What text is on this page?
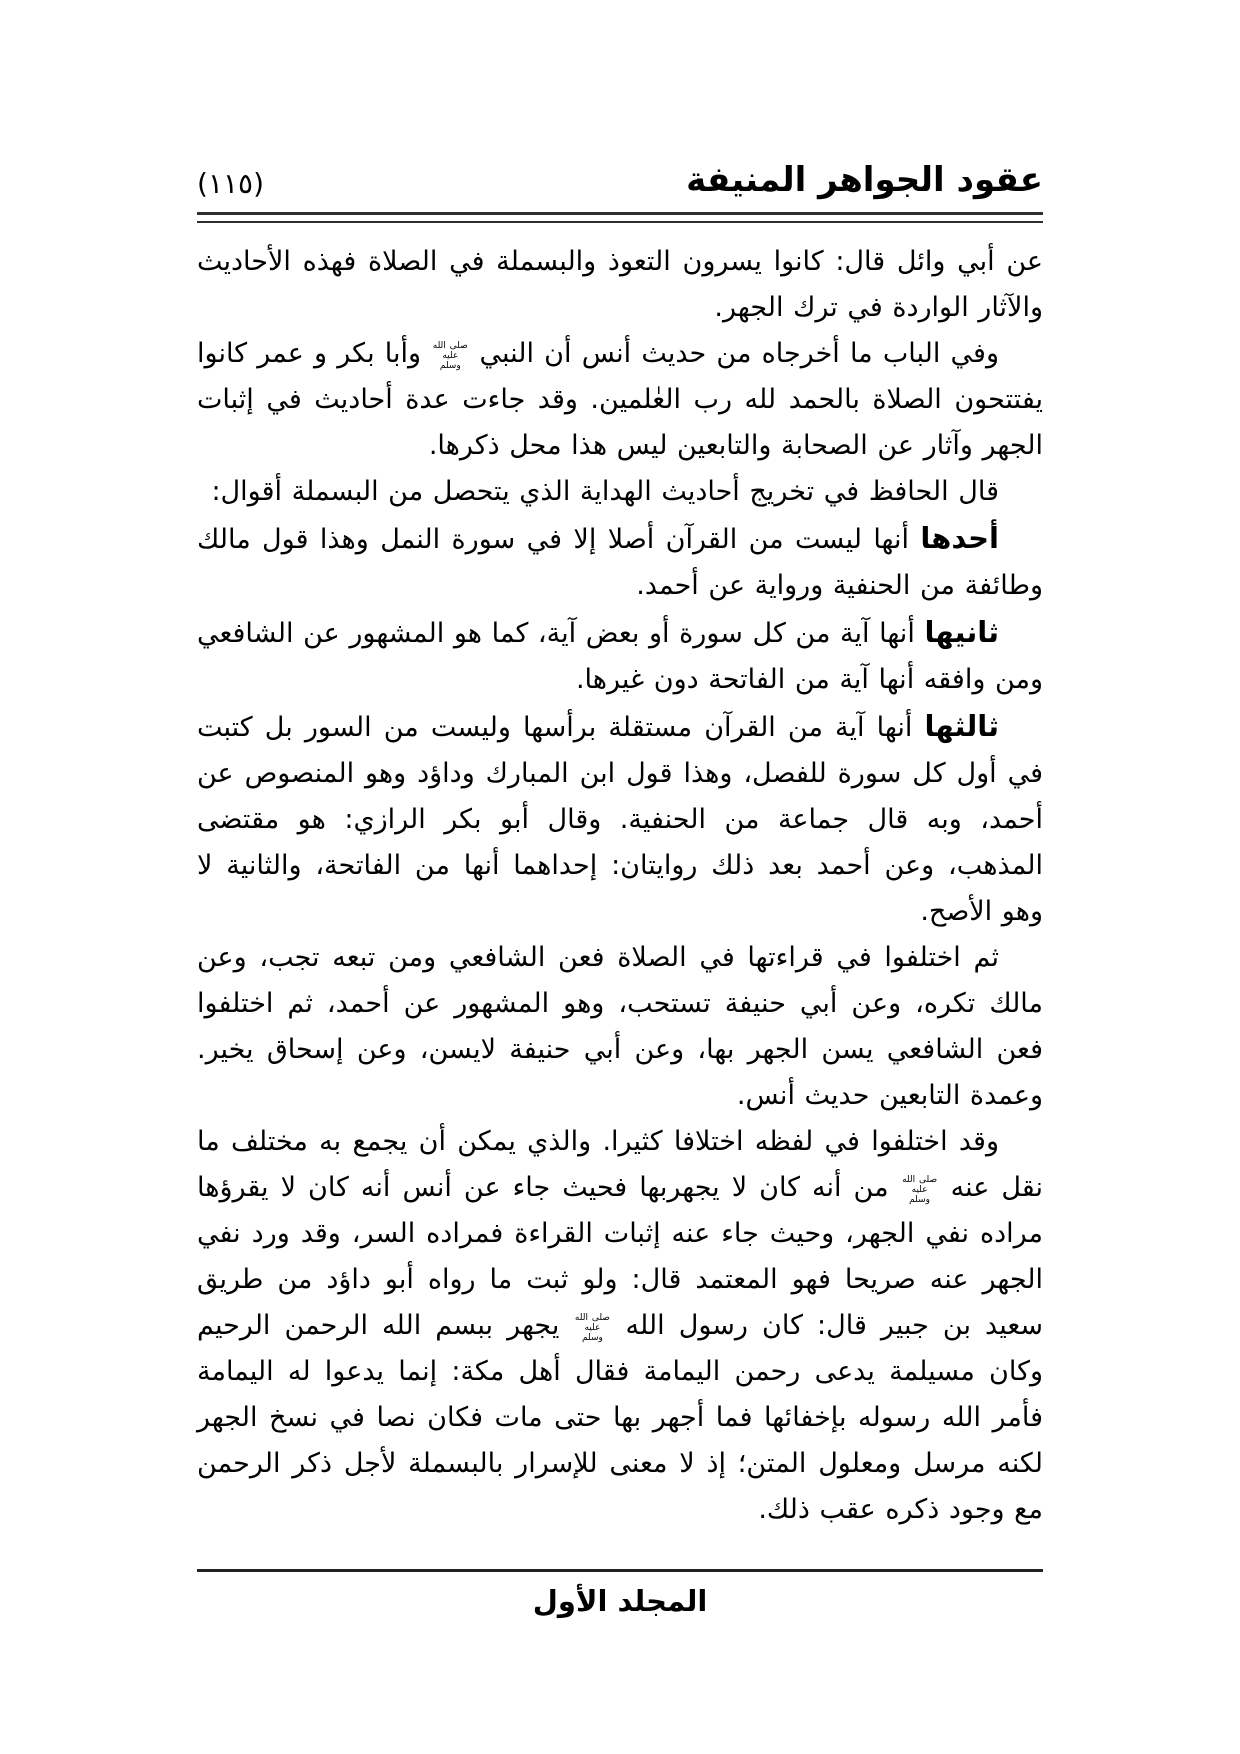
عقود الجواهر المنيفة
(١١٥)

عن أبي وائل قال: كانوا يسرون التعوذ والبسملة في الصلاة فهذه الأحاديث والآثار الواردة في ترك الجهر.

وفي الباب ما أخرجاه من حديث أنس أن النبي صلى الله عليه وسلم وأبا بكر و عمر كانوا يفتتحون الصلاة بالحمد لله رب العٰلمين. وقد جاءت عدة أحاديث في إثبات الجهر وآثار عن الصحابة والتابعين ليس هذا محل ذكرها.

قال الحافظ في تخريج أحاديث الهداية الذي يتحصل من البسملة أقوال:

أحدها أنها ليست من القرآن أصلا إلا في سورة النمل وهذا قول مالك وطائفة من الحنفية ورواية عن أحمد.

ثانيها أنها آية من كل سورة أو بعض آية، كما هو المشهور عن الشافعي ومن وافقه أنها آية من الفاتحة دون غيرها.

ثالثها أنها آية من القرآن مستقلة برأسها وليست من السور بل كتبت في أول كل سورة للفصل، وهذا قول ابن المبارك وداؤد وهو المنصوص عن أحمد، وبه قال جماعة من الحنفية. وقال أبو بكر الرازي: هو مقتضى المذهب، وعن أحمد بعد ذلك روايتان: إحداهما أنها من الفاتحة، والثانية لا وهو الأصح.

ثم اختلفوا في قراءتها في الصلاة فعن الشافعي ومن تبعه تجب، وعن مالك تكره، وعن أبي حنيفة تستحب، وهو المشهور عن أحمد، ثم اختلفوا فعن الشافعي يسن الجهر بها، وعن أبي حنيفة لايسن، وعن إسحاق يخير. وعمدة التابعين حديث أنس.

وقد اختلفوا في لفظه اختلافا كثيرا. والذي يمكن أن يجمع به مختلف ما نقل عنه صلى الله عليه وسلم من أنه كان لا يجهربها فحيث جاء عن أنس أنه كان لا يقرؤها مراده نفي الجهر، وحيث جاء عنه إثبات القراءة فمراده السر، وقد ورد نفي الجهر عنه صريحا فهو المعتمد قال: ولو ثبت ما رواه أبو داؤد من طريق سعيد بن جبير قال: كان رسول الله صلى الله عليه وسلم يجهر ببسم الله الرحمن الرحيم وكان مسيلمة يدعى رحمن اليمامة فقال أهل مكة: إنما يدعوا له اليمامة فأمر الله رسوله بإخفائها فما أجهر بها حتى مات فكان نصا في نسخ الجهر لكنه مرسل ومعلول المتن؛ إذ لا معنى للإسرار بالبسملة لأجل ذكر الرحمن مع وجود ذكره عقب ذلك.

المجلد الأول
